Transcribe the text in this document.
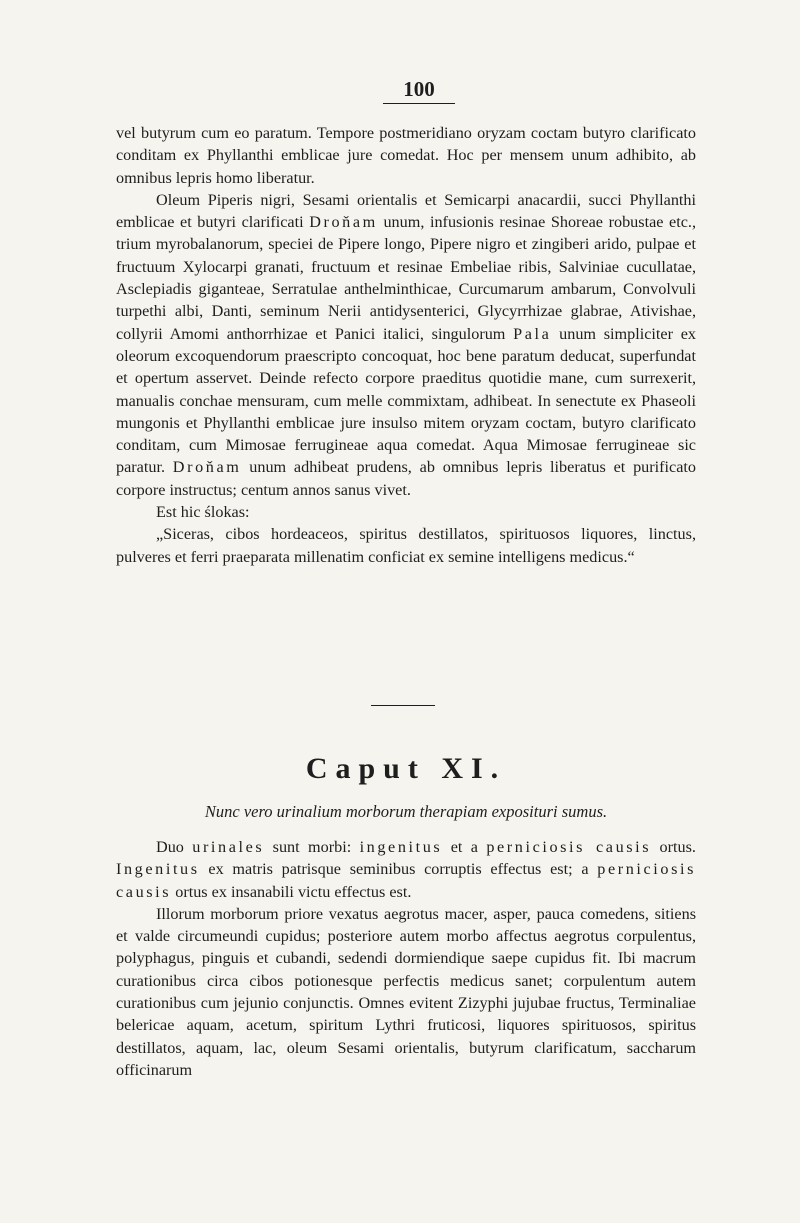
100

vel butyrum cum eo paratum. Tempore postmeridiano oryzam coctam butyro clarificato conditam ex Phyllanthi emblicae jure comedat. Hoc per mensem unum adhibito, ab omnibus lepris homo liberatur.

Oleum Piperis nigri, Sesami orientalis et Semicarpi anacardii, succi Phyllanthi emblicae et butyri clarificati Droňam unum, infusionis resinae Shoreae robustae etc., trium myrobalanorum, speciei de Pipere longo, Pipere nigro et zingiberi arido, pulpae et fructuum Xylocarpi granati, fructuum et resinae Embeliae ribis, Salviniae cucullatae, Asclepiadis giganteae, Serratulae anthelminthicae, Curcumarum ambarum, Convolvuli turpethi albi, Danti, seminum Nerii antidysenterici, Glycyrrhizae glabrae, Ativishae, collyrii Amomi anthorrhizae et Panici italici, singulorum Pala unum simpliciter ex oleorum excoquendorum praescripto concoquat, hoc bene paratum deducat, superfundat et opertum asservet. Deinde refecto corpore praeditus quotidie mane, cum surrexerit, manualis conchae mensuram, cum melle commixtam, adhibeat. In senectute ex Phaseoli mungonis et Phyllanthi emblicae jure insulso mitem oryzam coctam, butyro clarificato conditam, cum Mimosae ferrugineae aqua comedat. Aqua Mimosae ferrugineae sic paratur. Droňam unum adhibeat prudens, ab omnibus lepris liberatus et purificato corpore instructus; centum annos sanus vivet.

Est hic ślokas:

„Siceras, cibos hordeaceos, spiritus destillatos, spirituosos liquores, linctus, pulveres et ferri praeparata millenatim conficiat ex semine intelligens medicus.“

Caput XI.
Nunc vero urinalium morborum therapiam exposituri sumus.

Duo urinales sunt morbi: ingenitus et a perniciosis causis ortus. Ingenitus ex matris patrisque seminibus corruptis effectus est; a perniciosis causis ortus ex insanabili victu effectus est.

Illorum morborum priore vexatus aegrotus macer, asper, pauca comedens, sitiens et valde circumeundi cupidus; posteriore autem morbo affectus aegrotus corpulentus, polyphagus, pinguis et cubandi, sedendi dormiendique saepe cupidus fit. Ibi macrum curationibus circa cibos potionesque perfectis medicus sanet; corpulentum autem curationibus cum jejunio conjunctis. Omnes evitent Zizyphi jujubae fructus, Terminaliae belericae aquam, acetum, spiritum Lythri fruticosi, liquores spirituosos, spiritus destillatos, aquam, lac, oleum Sesami orientalis, butyrum clarificatum, saccharum officinarum
